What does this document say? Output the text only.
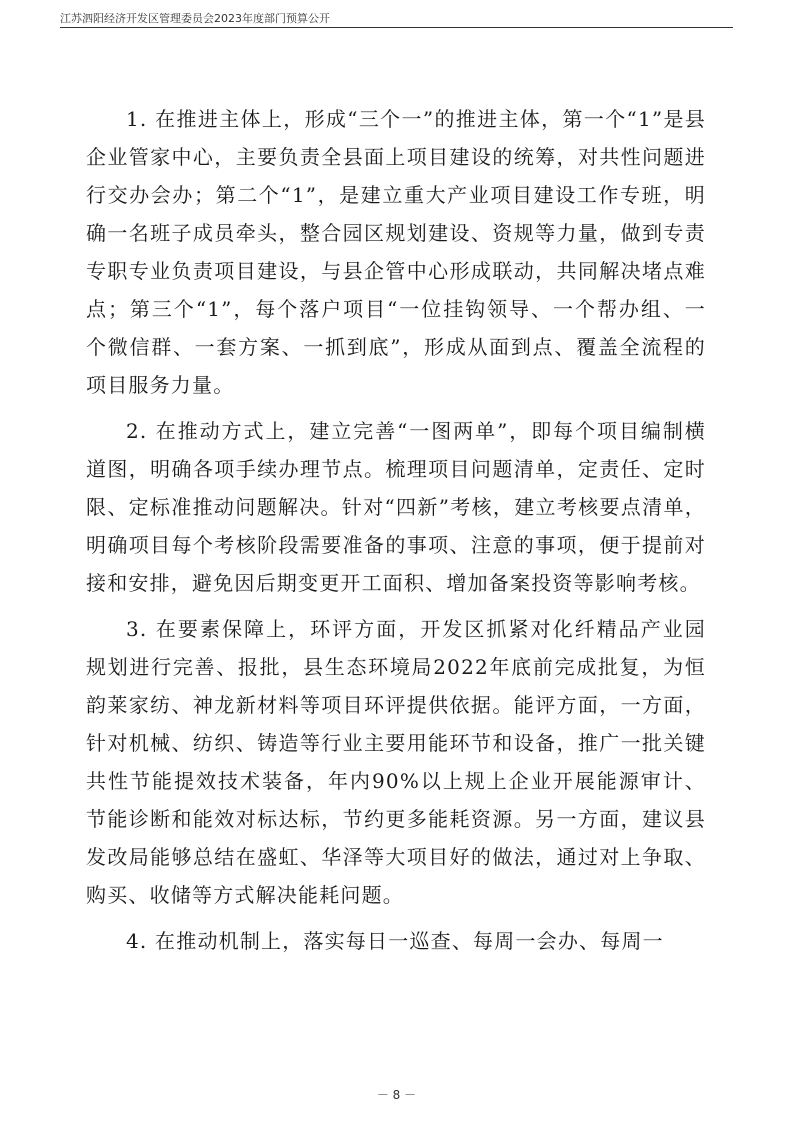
江苏泗阳经济开发区管理委员会2023年度部门预算公开

1. 在推进主体上，形成“三个一”的推进主体，第一个“1”是县企业管家中心，主要负责全县面上项目建设的统筹，对共性问题进行交办会办；第二个“1”，是建立重大产业项目建设工作专班，明确一名班子成员牵头，整合园区规划建设、资规等力量，做到专责专职专业负责项目建设，与县企管中心形成联动，共同解决堵点难点；第三个“1”，每个落户项目“一位挂钩领导、一个帮办组、一个微信群、一套方案、一抓到底”，形成从面到点、覆盖全流程的项目服务力量。

2. 在推动方式上，建立完善“一图两单”，即每个项目编制横道图，明确各项手续办理节点。梳理项目问题清单，定责任、定时限、定标准推动问题解决。针对“四新”考核，建立考核要点清单，明确项目每个考核阶段需要准备的事项、注意的事项，便于提前对接和安排，避免因后期变更开工面积、增加备案投资等影响考核。

3. 在要素保障上，环评方面，开发区抓紧对化纤精品产业园规划进行完善、报批，县生态环境局2022年底前完成批复，为恒韵莱家纺、神龙新材料等项目环评提供依据。能评方面，一方面，针对机械、纺织、铸造等行业主要用能环节和设备，推广一批关键共性节能提效技术装备，年内90%以上规上企业开展能源审计、节能诊断和能效对标达标，节约更多能耗资源。另一方面，建议县发改局能够总结在盛虹、华泽等大项目好的做法，通过对上争取、购买、收储等方式解决能耗问题。

4. 在推动机制上，落实每日一巡查、每周一会办、每周一

－ 8 －
